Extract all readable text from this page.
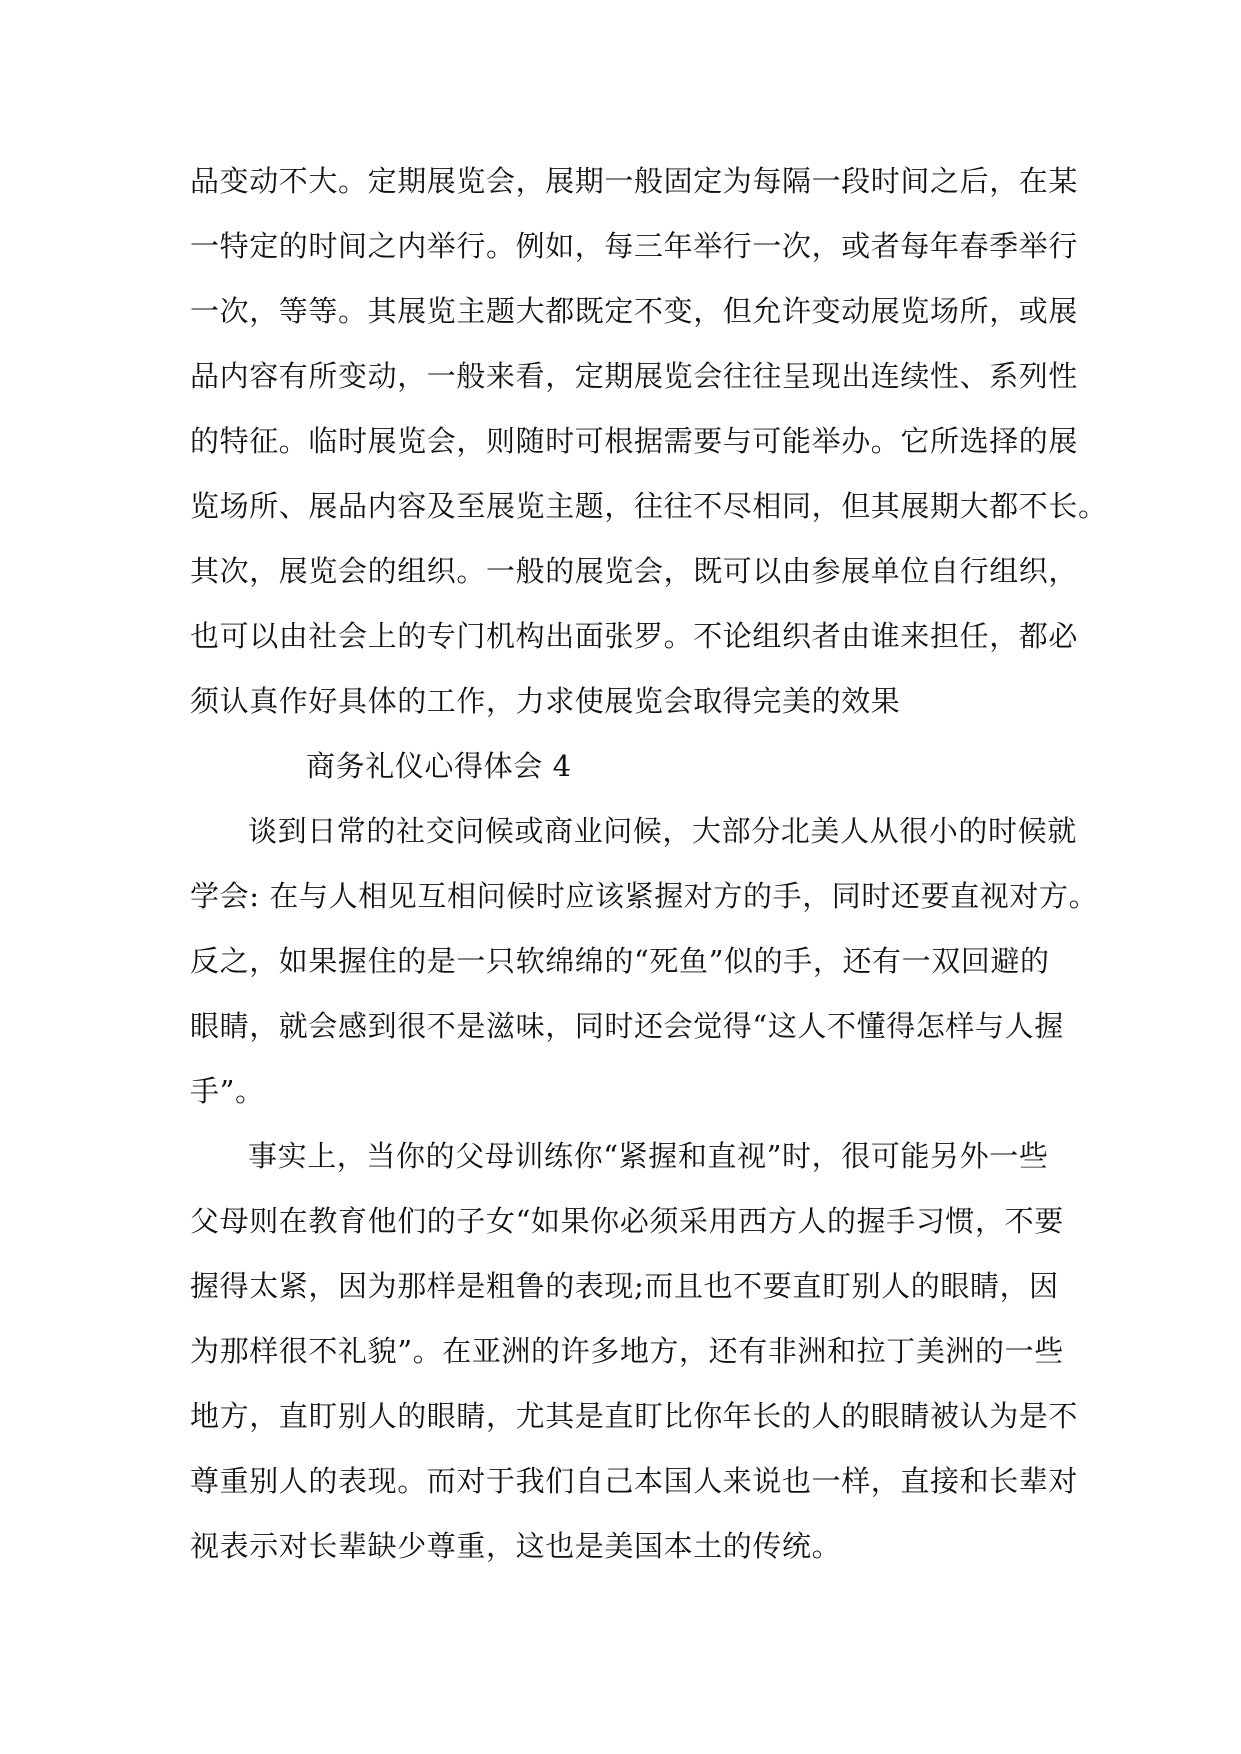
品变动不大。定期展览会，展期一般固定为每隔一段时间之后，在某
一特定的时间之内举行。例如，每三年举行一次，或者每年春季举行
一次，等等。其展览主题大都既定不变，但允许变动展览场所，或展
品内容有所变动，一般来看，定期展览会往往呈现出连续性、系列性
的特征。临时展览会，则随时可根据需要与可能举办。它所选择的展
览场所、展品内容及至展览主题，往往不尽相同，但其展期大都不长。
其次，展览会的组织。一般的展览会，既可以由参展单位自行组织，
也可以由社会上的专门机构出面张罗。不论组织者由谁来担任，都必
须认真作好具体的工作，力求使展览会取得完美的效果
商务礼仪心得体会 4
谈到日常的社交问候或商业问候，大部分北美人从很小的时候就
学会: 在与人相见互相问候时应该紧握对方的手，同时还要直视对方。
反之，如果握住的是一只软绵绵的“死鱼”似的手，还有一双回避的
眼睛，就会感到很不是滋味，同时还会觉得“这人不懂得怎样与人握
手”。
事实上，当你的父母训练你“紧握和直视”时，很可能另外一些
父母则在教育他们的子女“如果你必须采用西方人的握手习惯，不要
握得太紧，因为那样是粗鲁的表现;而且也不要直盯别人的眼睛，因
为那样很不礼貌”。在亚洲的许多地方，还有非洲和拉丁美洲的一些
地方，直盯别人的眼睛，尤其是直盯比你年长的人的眼睛被认为是不
尊重别人的表现。而对于我们自己本国人来说也一样，直接和长辈对
视表示对长辈缺少尊重，这也是美国本土的传统。
